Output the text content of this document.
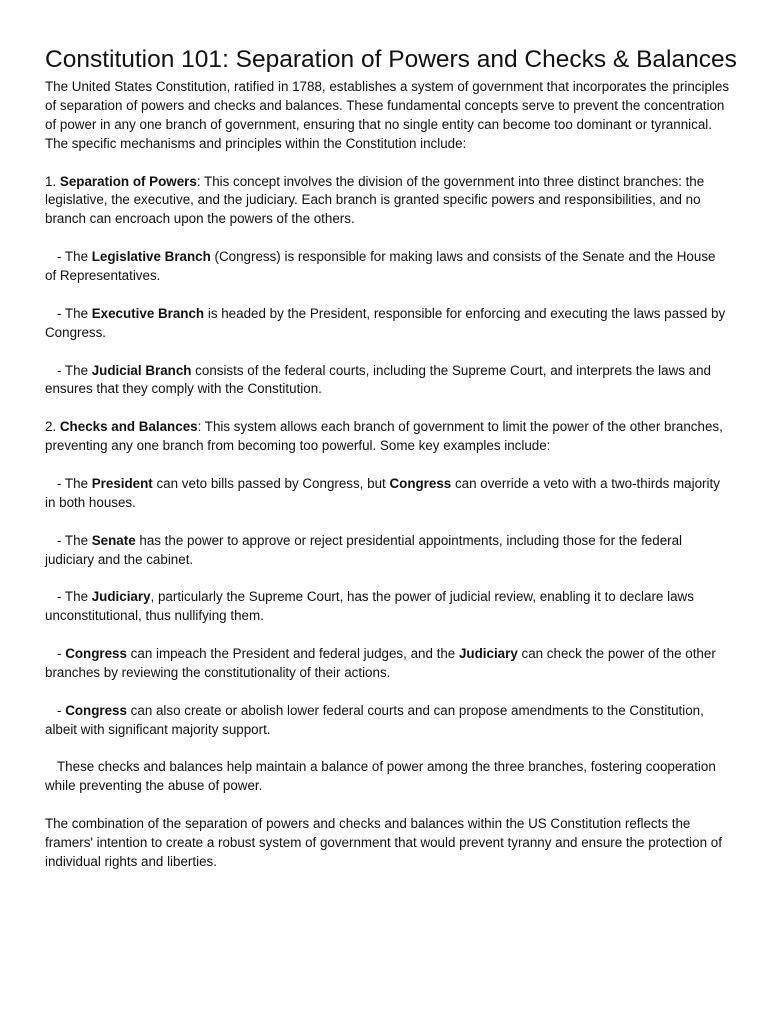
Constitution 101: Separation of Powers and Checks & Balances

The United States Constitution, ratified in 1788, establishes a system of government that incorporates the principles of separation of powers and checks and balances. These fundamental concepts serve to prevent the concentration of power in any one branch of government, ensuring that no single entity can become too dominant or tyrannical. The specific mechanisms and principles within the Constitution include:

1. Separation of Powers: This concept involves the division of the government into three distinct branches: the legislative, the executive, and the judiciary. Each branch is granted specific powers and responsibilities, and no branch can encroach upon the powers of the others.

- The Legislative Branch (Congress) is responsible for making laws and consists of the Senate and the House of Representatives.

- The Executive Branch is headed by the President, responsible for enforcing and executing the laws passed by Congress.

- The Judicial Branch consists of the federal courts, including the Supreme Court, and interprets the laws and ensures that they comply with the Constitution.

2. Checks and Balances: This system allows each branch of government to limit the power of the other branches, preventing any one branch from becoming too powerful. Some key examples include:

- The President can veto bills passed by Congress, but Congress can override a veto with a two-thirds majority in both houses.

- The Senate has the power to approve or reject presidential appointments, including those for the federal judiciary and the cabinet.

- The Judiciary, particularly the Supreme Court, has the power of judicial review, enabling it to declare laws unconstitutional, thus nullifying them.

- Congress can impeach the President and federal judges, and the Judiciary can check the power of the other branches by reviewing the constitutionality of their actions.

- Congress can also create or abolish lower federal courts and can propose amendments to the Constitution, albeit with significant majority support.

These checks and balances help maintain a balance of power among the three branches, fostering cooperation while preventing the abuse of power.

The combination of the separation of powers and checks and balances within the US Constitution reflects the framers' intention to create a robust system of government that would prevent tyranny and ensure the protection of individual rights and liberties.
